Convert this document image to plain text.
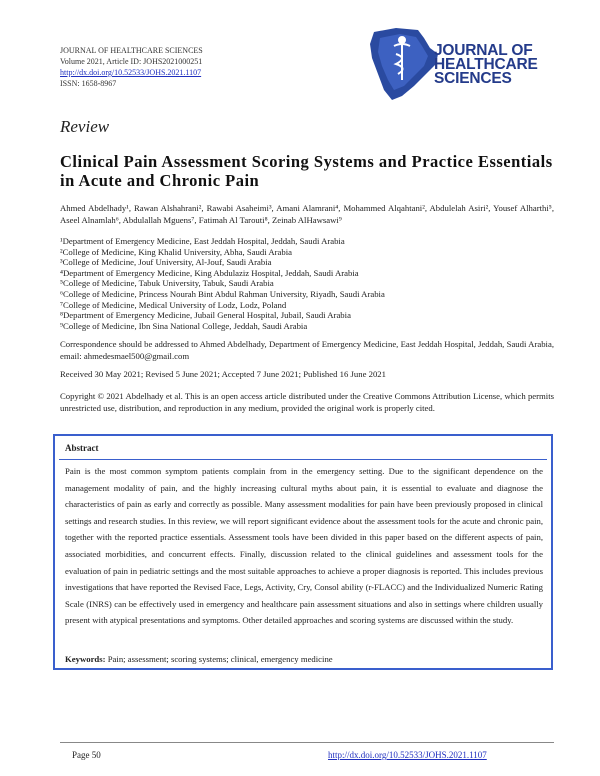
JOURNAL OF HEALTHCARE SCIENCES
Volume 2021, Article ID: JOHS2021000251
http://dx.doi.org/10.52533/JOHS.2021.1107
ISSN: 1658-8967
JOURNAL OF
HEALTHCARE
SCIENCES
Review
Clinical Pain Assessment Scoring Systems and Practice Essentials in Acute and Chronic Pain
Ahmed Abdelhady¹, Rawan Alshahrani², Rawabi Asaheimi³, Amani Alamrani⁴, Mohammed Alqahtani², Abdulelah Asiri², Yousef Alharthi⁵, Aseel Alnamlah⁶, Abdulallah Mguens⁷, Fatimah Al Tarouti⁸, Zeinab AlHawsawi⁹
¹Department of Emergency Medicine, East Jeddah Hospital, Jeddah, Saudi Arabia
²College of Medicine, King Khalid University, Abha, Saudi Arabia
³College of Medicine, Jouf University, Al-Jouf, Saudi Arabia
⁴Department of Emergency Medicine, King Abdulaziz Hospital, Jeddah, Saudi Arabia
⁵College of Medicine, Tabuk University, Tabuk, Saudi Arabia
⁶College of Medicine, Princess Nourah Bint Abdul Rahman University, Riyadh, Saudi Arabia
⁷College of Medicine, Medical University of Lodz, Lodz, Poland
⁸Department of Emergency Medicine, Jubail General Hospital, Jubail, Saudi Arabia
⁹College of Medicine, Ibn Sina National College, Jeddah, Saudi Arabia
Correspondence should be addressed to Ahmed Abdelhady, Department of Emergency Medicine, East Jeddah Hospital, Jeddah, Saudi Arabia, email: ahmedesmael500@gmail.com
Received 30 May 2021; Revised 5 June 2021; Accepted 7 June 2021; Published 16 June 2021
Copyright © 2021 Abdelhady et al. This is an open access article distributed under the Creative Commons Attribution License, which permits unrestricted use, distribution, and reproduction in any medium, provided the original work is properly cited.
Abstract
Pain is the most common symptom patients complain from in the emergency setting. Due to the significant dependence on the management modality of pain, and the highly increasing cultural myths about pain, it is essential to evaluate and diagnose the characteristics of pain as early and correctly as possible. Many assessment modalities for pain have been previously proposed in clinical settings and research studies. In this review, we will report significant evidence about the assessment tools for the acute and chronic pain, together with the reported practice essentials. Assessment tools have been divided in this paper based on the different aspects of pain, associated morbidities, and concurrent effects. Finally, discussion related to the clinical guidelines and assessment tools for the evaluation of pain in pediatric settings and the most suitable approaches to achieve a proper diagnosis is reported. This includes previous investigations that have reported the Revised Face, Legs, Activity, Cry, Consol ability (r-FLACC) and the Individualized Numeric Rating Scale (INRS) can be effectively used in emergency and healthcare pain assessment situations and also in settings where children usually present with atypical presentations and symptoms. Other detailed approaches and scoring systems are discussed within the study.
Keywords: Pain; assessment; scoring systems; clinical, emergency medicine
Page 50	http://dx.doi.org/10.52533/JOHS.2021.1107
